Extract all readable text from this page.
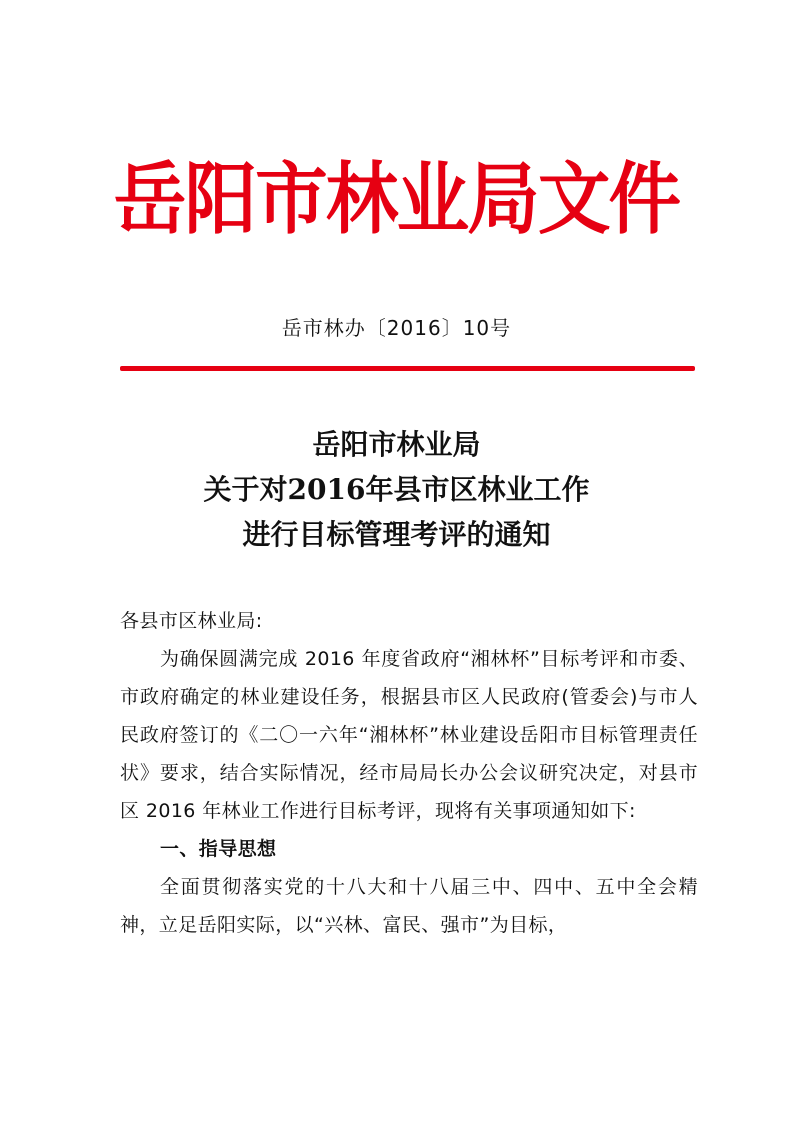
岳阳市林业局文件
岳市林办〔2016〕10号
岳阳市林业局
关于对2016年县市区林业工作
进行目标管理考评的通知

各县市区林业局:

为确保圆满完成 2016 年度省政府“湘林杯”目标考评和市委、市政府确定的林业建设任务，根据县市区人民政府(管委会)与市人民政府签订的《二〇一六年“湘林杯”林业建设岳阳市目标管理责任状》要求，结合实际情况，经市局局长办公会议研究决定，对县市区 2016 年林业工作进行目标考评，现将有关事项通知如下:

一、指导思想

全面贯彻落实党的十八大和十八届三中、四中、五中全会精神，立足岳阳实际，以“兴林、富民、强市”为目标，
